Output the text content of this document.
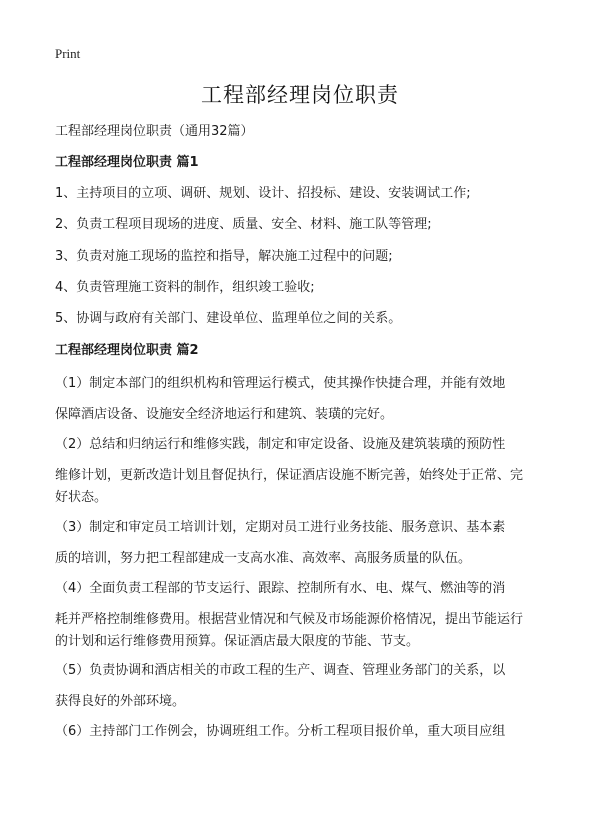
Print
工程部经理岗位职责
工程部经理岗位职责（通用32篇）
工程部经理岗位职责 篇1
1、主持项目的立项、调研、规划、设计、招投标、建设、安装调试工作;
2、负责工程项目现场的进度、质量、安全、材料、施工队等管理;
3、负责对施工现场的监控和指导，解决施工过程中的问题;
4、负责管理施工资料的制作，组织竣工验收;
5、协调与政府有关部门、建设单位、监理单位之间的关系。
工程部经理岗位职责 篇2
（1）制定本部门的组织机构和管理运行模式，使其操作快捷合理，并能有效地
保障酒店设备、设施安全经济地运行和建筑、装璜的完好。
（2）总结和归纳运行和维修实践，制定和审定设备、设施及建筑装璜的预防性
维修计划，更新改造计划且督促执行，保证酒店设施不断完善，始终处于正常、完
好状态。
（3）制定和审定员工培训计划，定期对员工进行业务技能、服务意识、基本素
质的培训，努力把工程部建成一支高水准、高效率、高服务质量的队伍。
（4）全面负责工程部的节支运行、跟踪、控制所有水、电、煤气、燃油等的消
耗并严格控制维修费用。根据营业情况和气候及市场能源价格情况，提出节能运行
的计划和运行维修费用预算。保证酒店最大限度的节能、节支。
（5）负责协调和酒店相关的市政工程的生产、调查、管理业务部门的关系，以
获得良好的外部环境。
（6）主持部门工作例会，协调班组工作。分析工程项目报价单，重大项目应组
